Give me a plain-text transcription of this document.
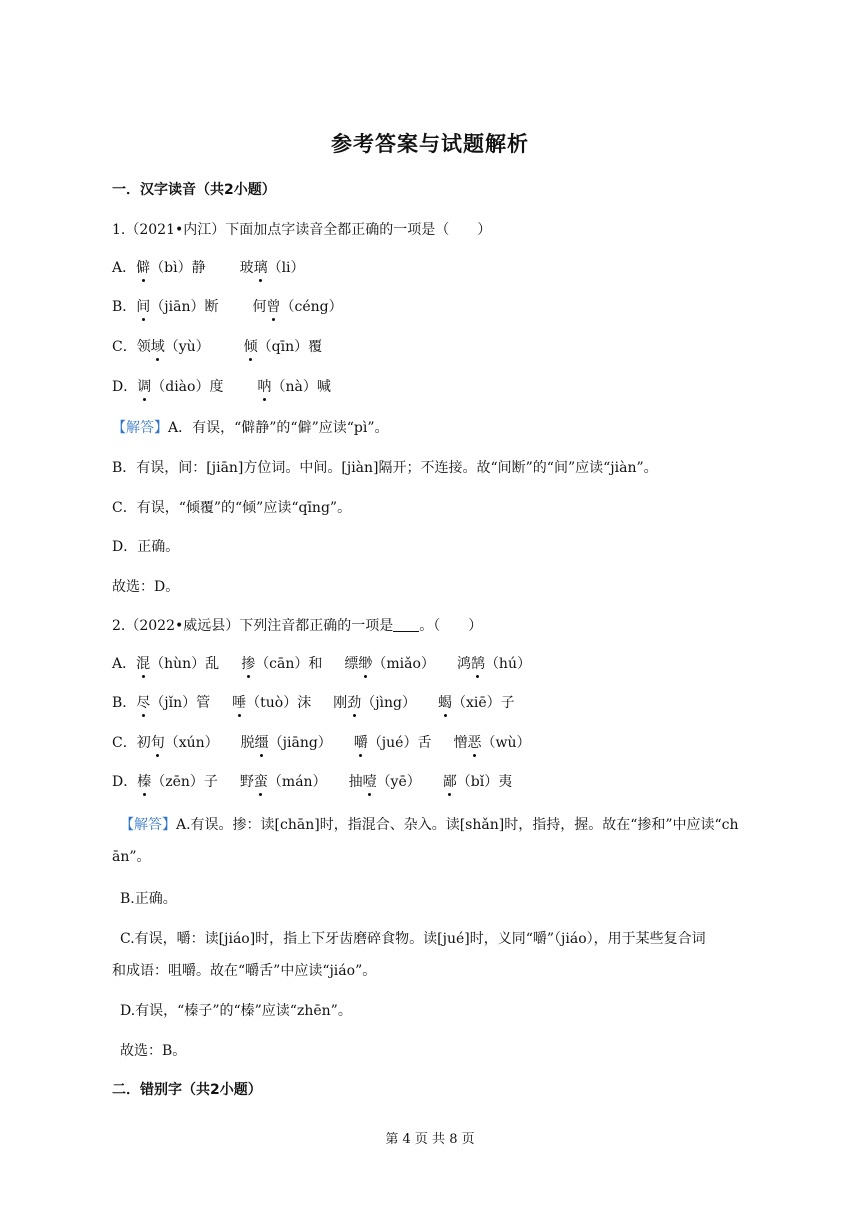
参考答案与试题解析
一．汉字读音（共2小题）
1.（2021•内江）下面加点字读音全都正确的一项是（　　）
A．僻（bì）静 玻璃（li）
B．间（jiān）断 何曾（céng）
C．领域（yù） 倾（qīn）覆
D．调（diào）度 呐（nà）喊
【解答】A．有误，“僻静”的“僻”应读“pì”。
B．有误，间：[jiān]方位词。中间。[jiàn]隔开；不连接。故“间断”的“间”应读“jiàn”。
C．有误，“倾覆”的“倾”应读“qīng”。
D．正确。
故选：D。
2.（2022•威远县）下列注音都正确的一项是 。（　　）
A．混（hùn）乱 掺（cān）和 缥缈（miǎo） 鸿鹄（hú）
B．尽（jǐn）管 唾（tuò）沫 刚劲（jìng） 蝎（xiē）子
C．初旬（xún） 脱缰（jiāng） 嚼（jué）舌 憎恶（wù）
D．榛（zēn）子 野蛮（mán） 抽噎（yē） 鄙（bǐ）夷
【解答】A.有误。掺：读[chān]时，指混合、杂入。读[shǎn]时，指持，握。故在“掺和”中应读“ch
ān”。
B.正确。
C.有误，嚼：读[jiáo]时，指上下牙齿磨碎食物。读[jué]时，义同“嚼”（jiáo），用于某些复合词
和成语：咀嚼。故在“嚼舌”中应读“jiáo”。
D.有误，“榛子”的“榛”应读“zhēn”。
故选：B。
二．错别字（共2小题）
第 4 页 共 8 页
